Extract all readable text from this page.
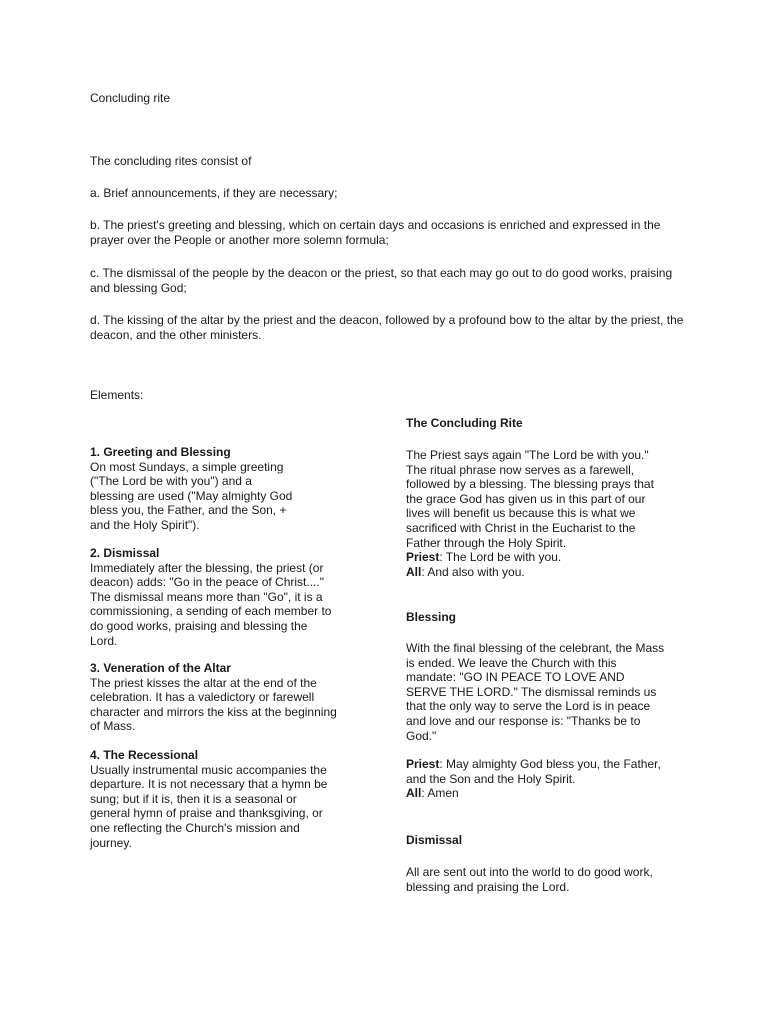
Concluding rite

The concluding rites consist of

a. Brief announcements, if they are necessary;

b. The priest's greeting and blessing, which on certain days and occasions is enriched and expressed in the prayer over the People or another more solemn formula;

c. The dismissal of the people by the deacon or the priest, so that each may go out to do good works, praising and blessing God;

d. The kissing of the altar by the priest and the deacon, followed by a profound bow to the altar by the priest, the deacon, and the other ministers.

Elements:

1. Greeting and Blessing
On most Sundays, a simple greeting
("The Lord be with you") and a
blessing are used ("May almighty God
bless you, the Father, and the Son, +
and the Holy Spirit").
2. Dismissal
Immediately after the blessing, the priest (or
deacon) adds: "Go in the peace of Christ...."
The dismissal means more than "Go", it is a
commissioning, a sending of each member to
do good works, praising and blessing the
Lord.
3. Veneration of the Altar
The priest kisses the altar at the end of the
celebration. It has a valedictory or farewell
character and mirrors the kiss at the beginning
of Mass.
4. The Recessional
Usually instrumental music accompanies the
departure. It is not necessary that a hymn be
sung; but if it is, then it is a seasonal or
general hymn of praise and thanksgiving, or
one reflecting the Church's mission and
journey.

The Concluding Rite

The Priest says again "The Lord be with you."
The ritual phrase now serves as a farewell,
followed by a blessing. The blessing prays that
the grace God has given us in this part of our
lives will benefit us because this is what we
sacrificed with Christ in the Eucharist to the
Father through the Holy Spirit.
Priest: The Lord be with you.
All: And also with you.

Blessing

With the final blessing of the celebrant, the Mass
is ended. We leave the Church with this
mandate: "GO IN PEACE TO LOVE AND
SERVE THE LORD." The dismissal reminds us
that the only way to serve the Lord is in peace
and love and our response is: "Thanks be to
God."
Priest: May almighty God bless you, the Father,
and the Son and the Holy Spirit.
All: Amen

Dismissal

All are sent out into the world to do good work,
blessing and praising the Lord.
